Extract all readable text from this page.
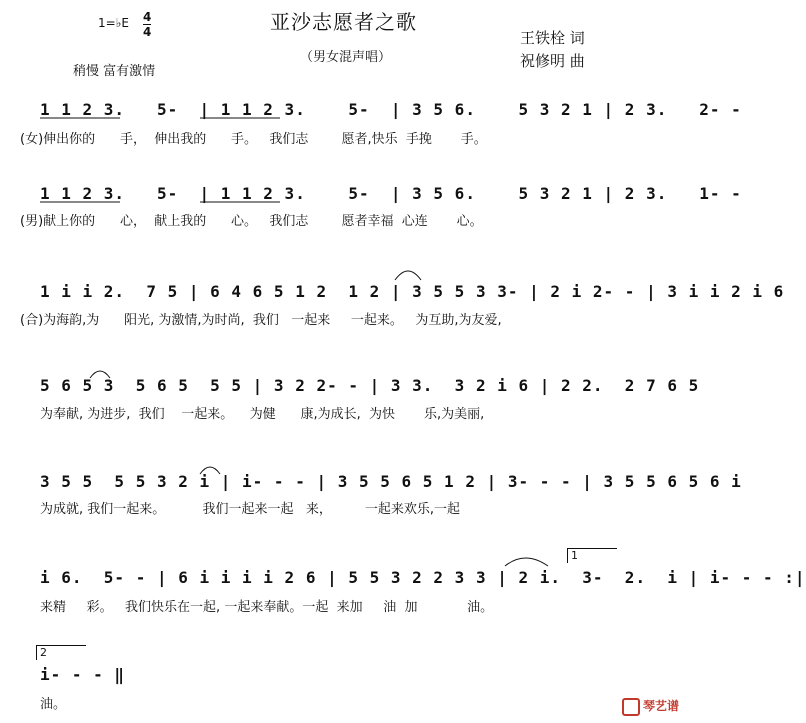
亚沙志愿者之歌
（男女混声唱）
1=♭E 4
4
稍慢 富有激情
王铁栓 词
祝修明 曲
1 1 2 3.   5-  | 1 1 2 3.    5-  | 3 5 6.    5 3 2 1 | 2 3.   2- -
(女)伸出你的      手，  伸出我的      手。   我们志        愿者,快乐  手挽       手。
1 1 2 3.   5-  | 1 1 2 3.    5-  | 3 5 6.    5 3 2 1 | 2 3.   1- -
(男)献上你的      心，  献上我的      心。   我们志        愿者幸福  心连       心。
1 i i 2.  7 5 | 6 4 6 5 1 2  1 2 | 3 5 5 3 3- | 2 i 2- - | 3 i i 2 i 6
(合)为海韵,为      阳光, 为激情,为时尚,  我们   一起来     一起来。   为互助,为友爱,
5 6 5 3  5 6 5  5 5 | 3 2 2- - | 3 3.  3 2 i 6 | 2 2.  2 7 6 5
为奉献, 为进步,  我们    一起来。    为健      康,为成长,  为快       乐,为美丽,
3 5 5  5 5 3 2 i | i- - - | 3 5 5 6 5 1 2 | 3- - - | 3 5 5 6 5 6 i
为成就, 我们一起来。         我们一起来一起   来，        一起来欢乐,一起
1
i 6.  5- - | 6 i i i i 2 6 | 5 5 3 2 2 3 3 | 2 i.  3-  2.  i | i- - - :|
来精     彩。   我们快乐在一起, 一起来奉献。一起  来加     油  加            油。
2
i- - - ‖
油。	琴艺谱
